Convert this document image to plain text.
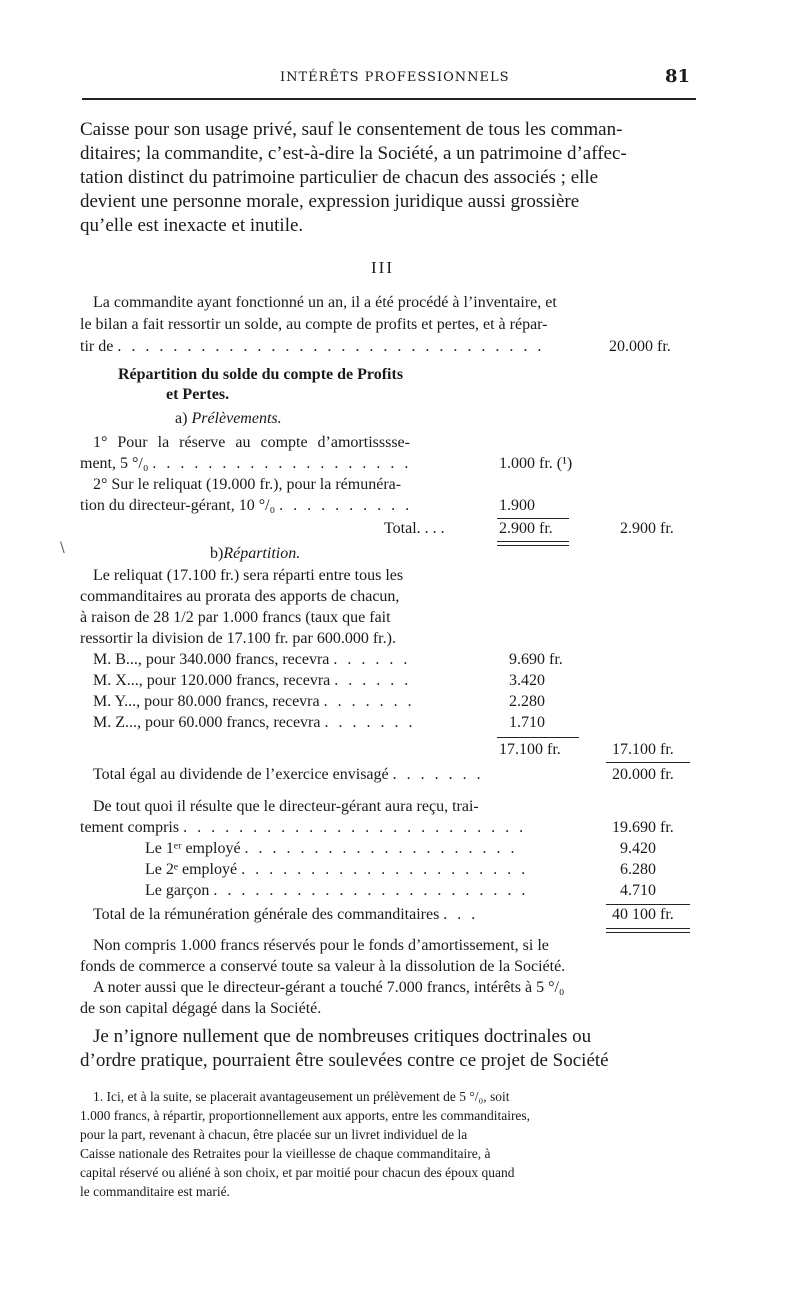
INTÉRÊTS PROFESSIONNELS	81
Caisse pour son usage privé, sauf le consentement de tous les comman-
ditaires; la commandite, c’est-à-dire la Société, a un patrimoine d’affec-
tation distinct du patrimoine particulier de chacun des associés ; elle
devient une personne morale, expression juridique aussi grossière
qu’elle est inexacte et inutile.
III
La commandite ayant fonctionné un an, il a été procédé à l’inventaire, et
le bilan a fait ressortir un solde, au compte de profits et pertes, et à répar-
tir de . . . . . . . . . . . . . . . . . . . . . . . . . . . . . . .	20.000 fr.
Répartition du solde du compte de Profits
et Pertes.
a) Prélèvements.
1° Pour la réserve au compte d’amortisssse-
ment, 5 °/₀ . . . . . . . . . . . . . . . . . . .	1.000 fr. (¹)
2° Sur le reliquat (19.000 fr.), pour la rémunéra-
tion du directeur-gérant, 10 °/₀ . . . . . . . . . .	1.900
Total. . . .	2.900 fr.	2.900 fr.
\	b)Répartition.
Le reliquat (17.100 fr.) sera réparti entre tous les
commanditaires au prorata des apports de chacun,
à raison de 28 1/2 par 1.000 francs (taux que fait
ressortir la division de 17.100 fr. par 600.000 fr.).
M. B..., pour 340.000 francs, recevra . . . . . .	9.690 fr.
M. X..., pour 120.000 francs, recevra . . . . . .	3.420
M. Y..., pour 80.000 francs, recevra . . . . . . .	2.280
M. Z..., pour 60.000 francs, recevra . . . . . . .	1.710
17.100 fr.	17.100 fr.
Total égal au dividende de l’exercice envisagé . . . . . . .	20.000 fr.
De tout quoi il résulte que le directeur-gérant aura reçu, trai-
tement compris . . . . . . . . . . . . . . . . . . . . . . . . .	19.690 fr.
Le 1ᵉʳ employé . . . . . . . . . . . . . . . . . . . .	9.420
Le 2ᵉ employé . . . . . . . . . . . . . . . . . . . . .	6.280
Le garçon . . . . . . . . . . . . . . . . . . . . . . .	4.710
Total de la rémunération générale des commanditaires . . .	40 100 fr.
Non compris 1.000 francs réservés pour le fonds d’amortissement, si le
fonds de commerce a conservé toute sa valeur à la dissolution de la Société.
A noter aussi que le directeur-gérant a touché 7.000 francs, intérêts à 5 °/₀
de son capital dégagé dans la Société.
Je n’ignore nullement que de nombreuses critiques doctrinales ou
d’ordre pratique, pourraient être soulevées contre ce projet de Société
1. Ici, et à la suite, se placerait avantageusement un prélèvement de 5 °/₀, soit
1.000 francs, à répartir, proportionnellement aux apports, entre les commanditaires,
pour la part, revenant à chacun, être placée sur un livret individuel de la
Caisse nationale des Retraites pour la vieillesse de chaque commanditaire, à
capital réservé ou aliéné à son choix, et par moitié pour chacun des époux quand
le commanditaire est marié.
